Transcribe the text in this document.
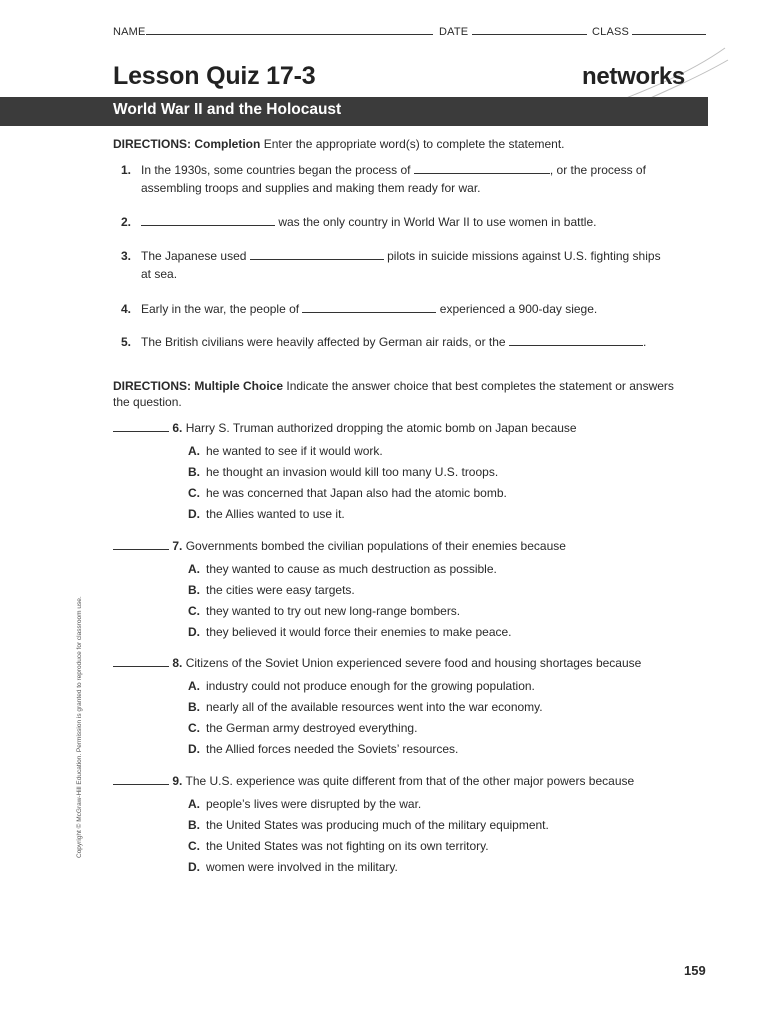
NAME	DATE	CLASS
Lesson Quiz 17-3	networks
World War II and the Holocaust
DIRECTIONS: Completion Enter the appropriate word(s) to complete the statement.
1. In the 1930s, some countries began the process of	, or the process of
assembling troops and supplies and making them ready for war.
2.	was the only country in World War II to use women in battle.
3. The Japanese used	pilots in suicide missions against U.S. fighting ships
at sea.
4. Early in the war, the people of	experienced a 900-day siege.
5. The British civilians were heavily affected by German air raids, or the	.
DIRECTIONS: Multiple Choice Indicate the answer choice that best completes the statement or answers
the question.
6. Harry S. Truman authorized dropping the atomic bomb on Japan because
A. he wanted to see if it would work.
B. he thought an invasion would kill too many U.S. troops.
C. he was concerned that Japan also had the atomic bomb.
D. the Allies wanted to use it.
7. Governments bombed the civilian populations of their enemies because
A. they wanted to cause as much destruction as possible.
B. the cities were easy targets.
C. they wanted to try out new long-range bombers.
D. they believed it would force their enemies to make peace.
8. Citizens of the Soviet Union experienced severe food and housing shortages because
A. industry could not produce enough for the growing population.
B. nearly all of the available resources went into the war economy.
C. the German army destroyed everything.
D. the Allied forces needed the Soviets’ resources.
9. The U.S. experience was quite different from that of the other major powers because
A. people’s lives were disrupted by the war.
B. the United States was producing much of the military equipment.
C. the United States was not fighting on its own territory.
D. women were involved in the military.
Copyright © McGraw-Hill Education. Permission is granted to reproduce for classroom use.
159
